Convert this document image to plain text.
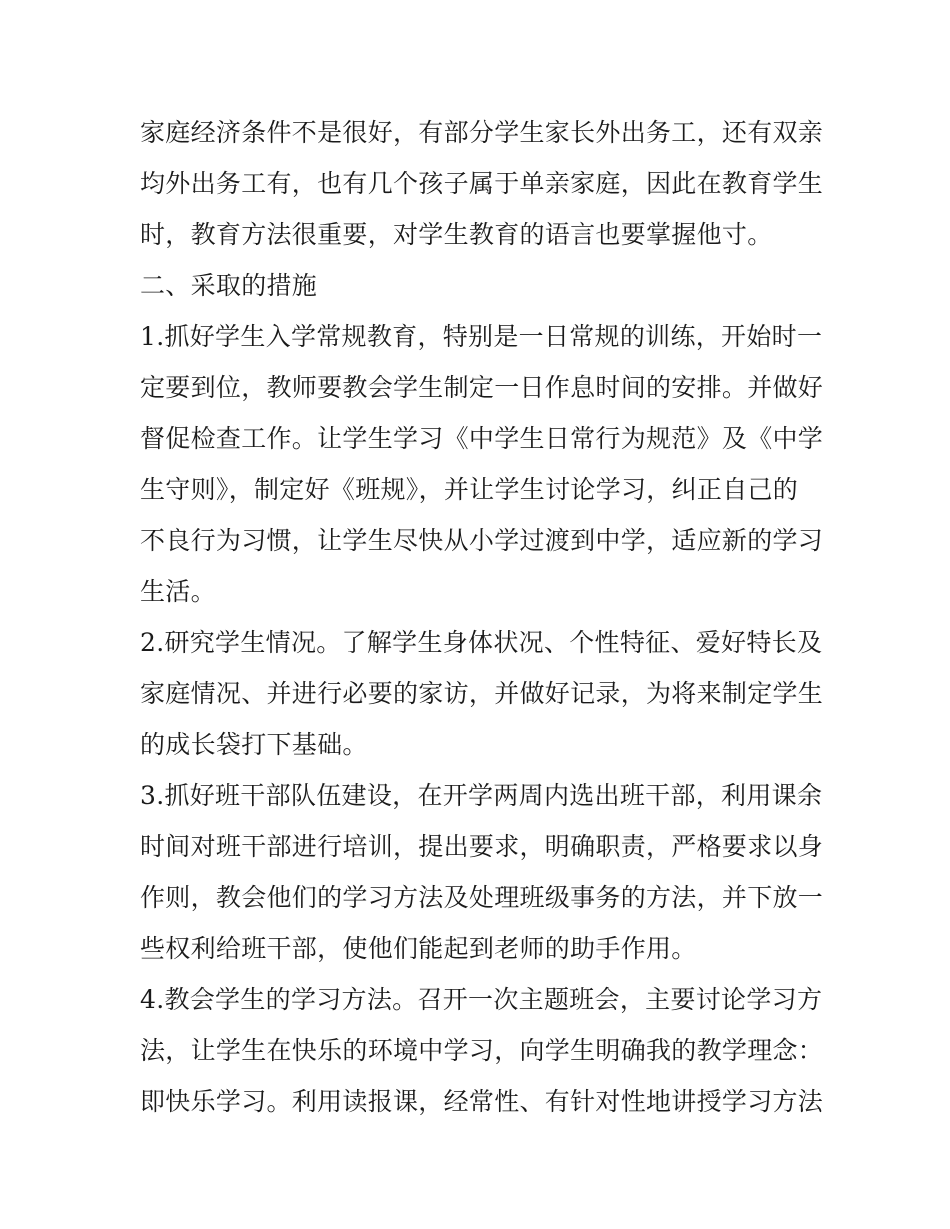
家庭经济条件不是很好，有部分学生家长外出务工，还有双亲
均外出务工有，也有几个孩子属于单亲家庭，因此在教育学生
时，教育方法很重要，对学生教育的语言也要掌握他寸。
二、采取的措施
1.抓好学生入学常规教育，特别是一日常规的训练，开始时一
定要到位，教师要教会学生制定一日作息时间的安排。并做好
督促检查工作。让学生学习《中学生日常行为规范》及《中学
生守则》，制定好《班规》，并让学生讨论学习，纠正自己的
不良行为习惯，让学生尽快从小学过渡到中学，适应新的学习
生活。
2.研究学生情况。了解学生身体状况、个性特征、爱好特长及
家庭情况、并进行必要的家访，并做好记录，为将来制定学生
的成长袋打下基础。
3.抓好班干部队伍建设，在开学两周内选出班干部，利用课余
时间对班干部进行培训，提出要求，明确职责，严格要求以身
作则，教会他们的学习方法及处理班级事务的方法，并下放一
些权利给班干部，使他们能起到老师的助手作用。
4.教会学生的学习方法。召开一次主题班会，主要讨论学习方
法，让学生在快乐的环境中学习，向学生明确我的教学理念：
即快乐学习。利用读报课，经常性、有针对性地讲授学习方法
